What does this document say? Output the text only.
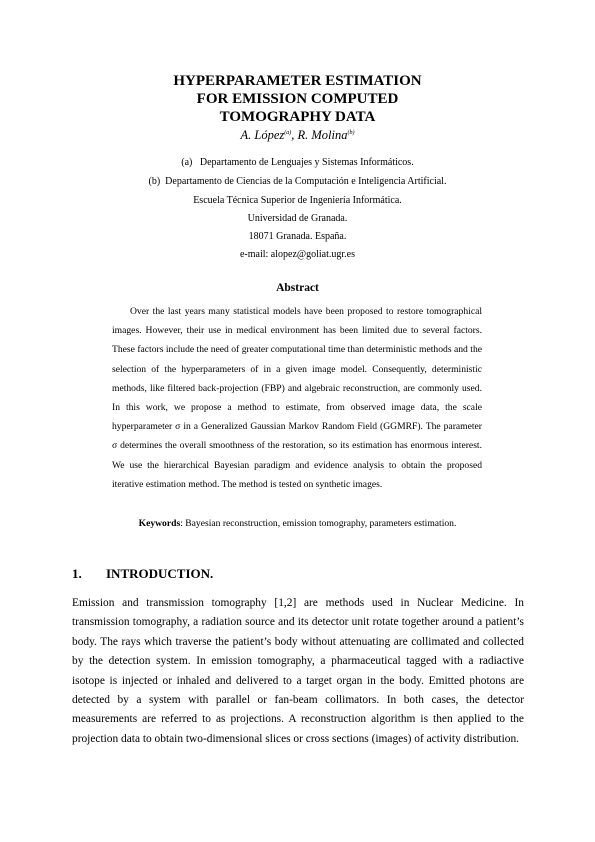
HYPERPARAMETER ESTIMATION
FOR EMISSION COMPUTED
TOMOGRAPHY DATA
A. López$^{(a)}$, R. Molina$^{(b)}$
(a)   Departamento de Lenguajes y Sistemas Informáticos.
(b)  Departamento de Ciencias de la Computación e Inteligencia Artificial.
Escuela Técnica Superior de Ingeniería Informática.
Universidad de Granada.
18071 Granada. España.
e-mail: alopez@goliat.ugr.es
Abstract
Over the last years many statistical models have been proposed to restore tomographical images. However, their use in medical environment has been limited due to several factors. These factors include the need of greater computational time than deterministic methods and the selection of the hyperparameters of in a given image model. Consequently, deterministic methods, like filtered back-projection (FBP) and algebraic reconstruction, are commonly used. In this work, we propose a method to estimate, from observed image data, the scale hyperparameter σ in a Generalized Gaussian Markov Random Field (GGMRF). The parameter σ determines the overall smoothness of the restoration, so its estimation has enormous interest. We use the hierarchical Bayesian paradigm and evidence analysis to obtain the proposed iterative estimation method. The method is tested on synthetic images.
Keywords: Bayesian reconstruction, emission tomography, parameters estimation.
1. INTRODUCTION.
Emission and transmission tomography [1,2] are methods used in Nuclear Medicine. In transmission tomography, a radiation source and its detector unit rotate together around a patient’s body. The rays which traverse the patient’s body without attenuating are collimated and collected by the detection system. In emission tomography, a pharmaceutical tagged with a radiactive isotope is injected or inhaled and delivered to a target organ in the body. Emitted photons are detected by a system with parallel or fan-beam collimators. In both cases, the detector measurements are referred to as projections. A reconstruction algorithm is then applied to the projection data to obtain two-dimensional slices or cross sections (images) of activity distribution.
